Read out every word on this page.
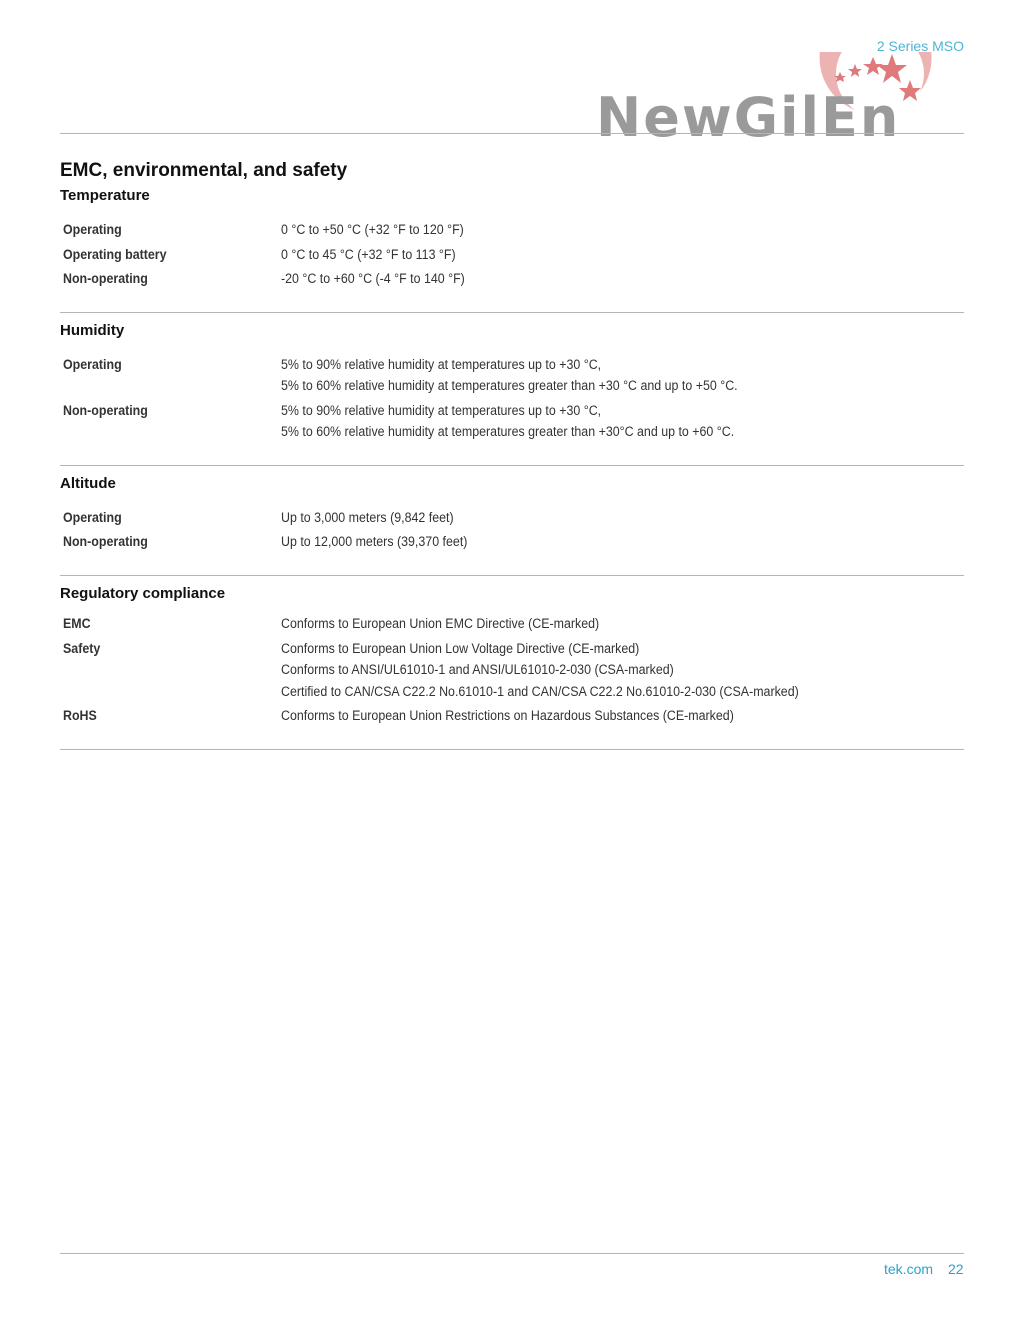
2 Series MSO
NewGilEn
EMC, environmental, and safety
Temperature
Operating	0 °C to +50 °C (+32 °F to 120 °F)
Operating battery	0 °C to 45 °C (+32 °F to 113 °F)
Non-operating	-20 °C to +60 °C (-4 °F to 140 °F)
Humidity
Operating	5% to 90% relative humidity at temperatures up to +30 °C,
5% to 60% relative humidity at temperatures greater than +30 °C and up to +50 °C.
Non-operating	5% to 90% relative humidity at temperatures up to +30 °C,
5% to 60% relative humidity at temperatures greater than +30°C and up to +60 °C.
Altitude
Operating	Up to 3,000 meters (9,842 feet)
Non-operating	Up to 12,000 meters (39,370 feet)
Regulatory compliance
EMC	Conforms to European Union EMC Directive (CE-marked)
Safety	Conforms to European Union Low Voltage Directive (CE-marked)
Conforms to ANSI/UL61010-1 and ANSI/UL61010-2-030 (CSA-marked)
Certified to CAN/CSA C22.2 No.61010-1 and CAN/CSA C22.2 No.61010-2-030 (CSA-marked)
RoHS	Conforms to European Union Restrictions on Hazardous Substances (CE-marked)
tek.com 22
